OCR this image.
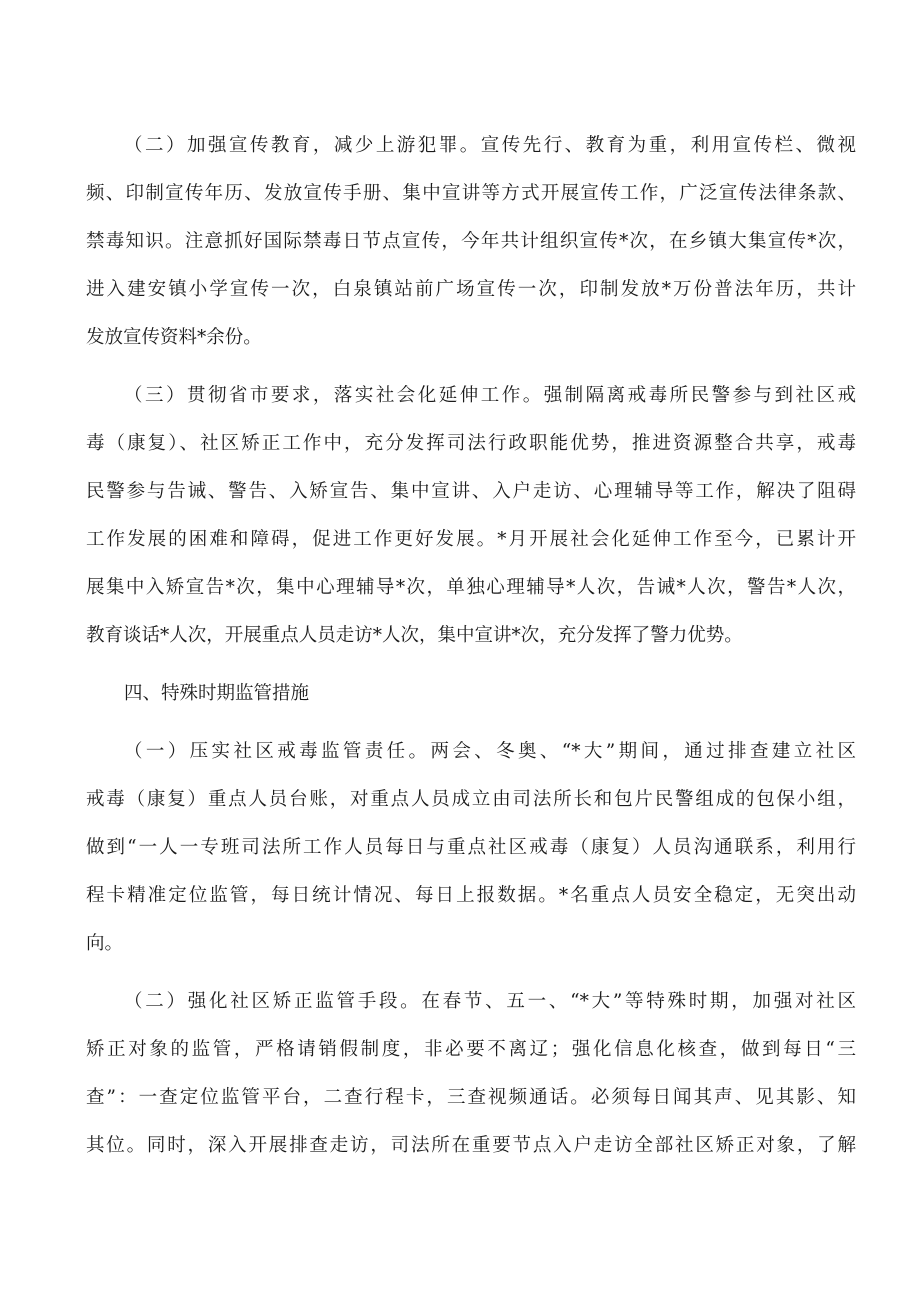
（二）加强宣传教育，减少上游犯罪。宣传先行、教育为重，利用宣传栏、微视
频、印制宣传年历、发放宣传手册、集中宣讲等方式开展宣传工作，广泛宣传法律条款、
禁毒知识。注意抓好国际禁毒日节点宣传，今年共计组织宣传*次，在乡镇大集宣传*次，
进入建安镇小学宣传一次，白泉镇站前广场宣传一次，印制发放*万份普法年历，共计
发放宣传资料*余份。
（三）贯彻省市要求，落实社会化延伸工作。强制隔离戒毒所民警参与到社区戒
毒（康复）、社区矫正工作中，充分发挥司法行政职能优势，推进资源整合共享，戒毒
民警参与告诫、警告、入矫宣告、集中宣讲、入户走访、心理辅导等工作，解决了阻碍
工作发展的困难和障碍，促进工作更好发展。*月开展社会化延伸工作至今，已累计开
展集中入矫宣告*次，集中心理辅导*次，单独心理辅导*人次，告诫*人次，警告*人次，
教育谈话*人次，开展重点人员走访*人次，集中宣讲*次，充分发挥了警力优势。
四、特殊时期监管措施
（一）压实社区戒毒监管责任。两会、冬奥、“*大”期间，通过排查建立社区
戒毒（康复）重点人员台账，对重点人员成立由司法所长和包片民警组成的包保小组，
做到“一人一专班司法所工作人员每日与重点社区戒毒（康复）人员沟通联系，利用行
程卡精准定位监管，每日统计情况、每日上报数据。*名重点人员安全稳定，无突出动
向。
（二）强化社区矫正监管手段。在春节、五一、“*大”等特殊时期，加强对社区
矫正对象的监管，严格请销假制度，非必要不离辽；强化信息化核查，做到每日“三
查”：一查定位监管平台，二查行程卡，三查视频通话。必须每日闻其声、见其影、知
其位。同时，深入开展排查走访，司法所在重要节点入户走访全部社区矫正对象，了解
